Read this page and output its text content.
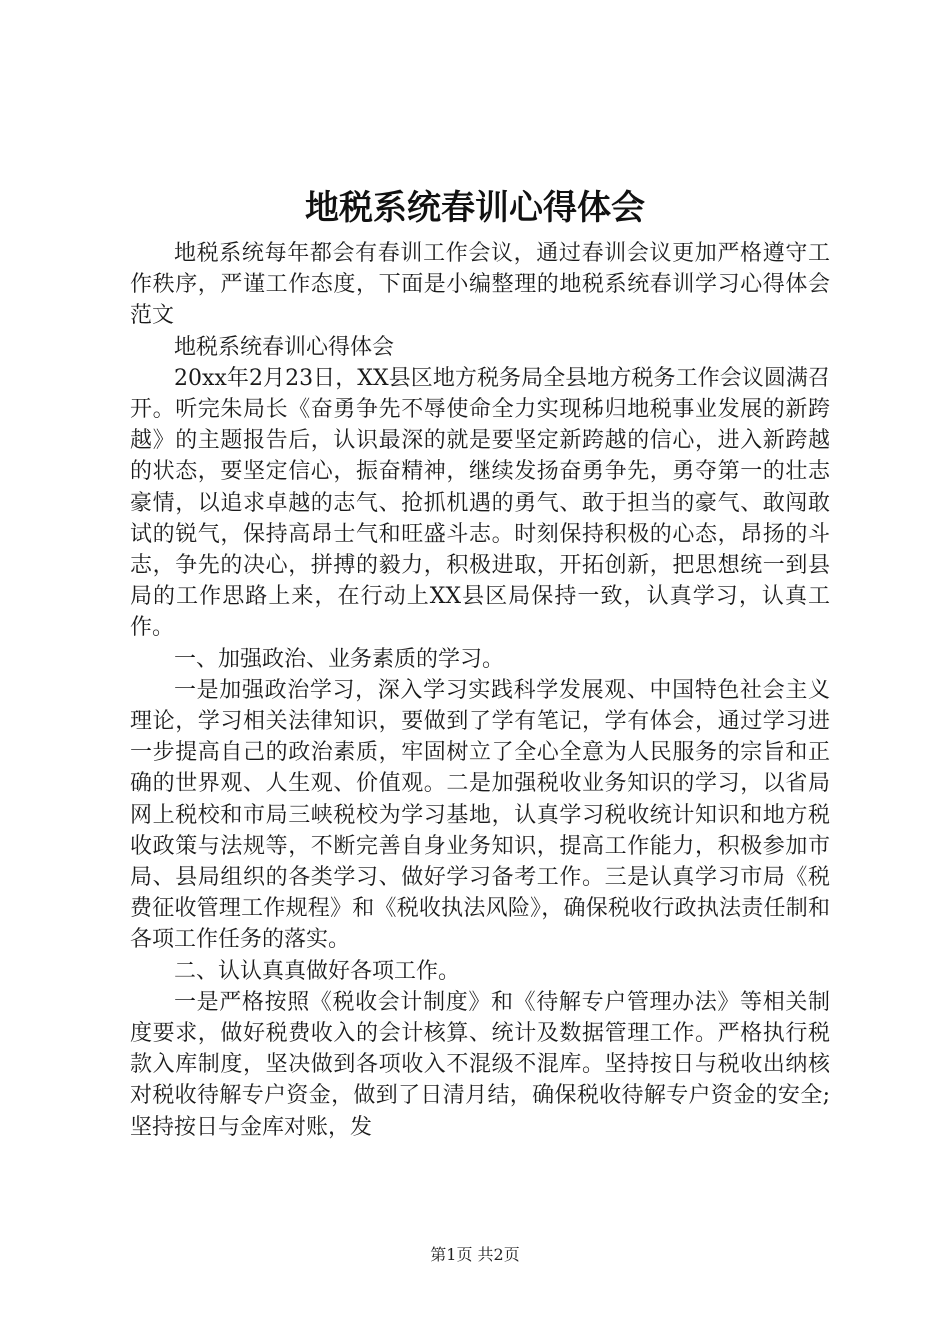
地税系统春训心得体会

地税系统每年都会有春训工作会议，通过春训会议更加严格遵守工作秩序，严谨工作态度，下面是小编整理的地税系统春训学习心得体会范文

地税系统春训心得体会

20xx年2月23日，XX县区地方税务局全县地方税务工作会议圆满召开。听完朱局长《奋勇争先不辱使命全力实现秭归地税事业发展的新跨越》的主题报告后，认识最深的就是要坚定新跨越的信心，进入新跨越的状态，要坚定信心，振奋精神，继续发扬奋勇争先，勇夺第一的壮志豪情，以追求卓越的志气、抢抓机遇的勇气、敢于担当的豪气、敢闯敢试的锐气，保持高昂士气和旺盛斗志。时刻保持积极的心态，昂扬的斗志，争先的决心，拼搏的毅力，积极进取，开拓创新，把思想统一到县局的工作思路上来，在行动上XX县区局保持一致，认真学习，认真工作。

一、加强政治、业务素质的学习。

一是加强政治学习，深入学习实践科学发展观、中国特色社会主义理论，学习相关法律知识，要做到了学有笔记，学有体会，通过学习进一步提高自己的政治素质，牢固树立了全心全意为人民服务的宗旨和正确的世界观、人生观、价值观。二是加强税收业务知识的学习，以省局网上税校和市局三峡税校为学习基地，认真学习税收统计知识和地方税收政策与法规等，不断完善自身业务知识，提高工作能力，积极参加市局、县局组织的各类学习、做好学习备考工作。三是认真学习市局《税费征收管理工作规程》和《税收执法风险》，确保税收行政执法责任制和各项工作任务的落实。

二、认认真真做好各项工作。

一是严格按照《税收会计制度》和《待解专户管理办法》等相关制度要求，做好税费收入的会计核算、统计及数据管理工作。严格执行税款入库制度，坚决做到各项收入不混级不混库。坚持按日与税收出纳核对税收待解专户资金，做到了日清月结，确保税收待解专户资金的安全;坚持按日与金库对账，发

第1页 共2页
